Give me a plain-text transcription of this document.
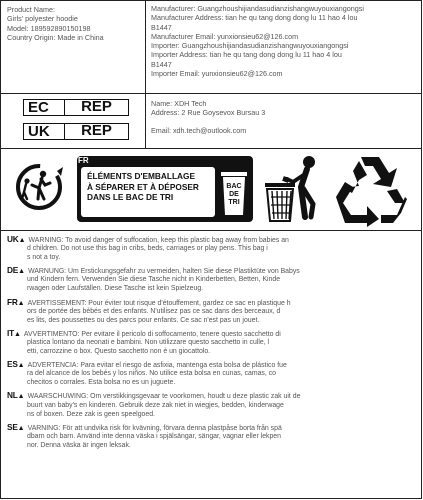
Product Name:
Girls' polyester hoodie
Model: 189592890150198
Country Origin: Made in China
Manufacturer: Guangzhoushijiandasudianzishangwuyouxiangongsi
Manufacturer Address: tian he qu tang dong dong lu 11 hao 4 lou
B1447
Manufacturer Email: yunxionsieu62@126.com
Importer: Guangzhoushijiandasudianzishangwuyouxiangongsi
Importer Address: tian he qu tang dong dong lu 11 hao 4 lou
B1447
Importer Email: yunxionsieu62@126.com
EC	REP
UK	REP
Name: XDH Tech
Address: 2 Rue Goysevox Bursau 3
Email: xdh.tech@outlook.com
FR
ÉLÉMENTS D'EMBALLAGE
À SÉPARER ET À DÉPOSER
DANS LE BAC DE TRI
BAC
DE
TRI
UK▲ WARNING: To avoid danger of suffocation, keep this plastic bag away from babies an
d children. Do not use this bag in cribs, beds, carriages or play pens. This bag i
s not a toy.
DE▲ WARNUNG: Um Erstickungsgefahr zu vermeiden, halten Sie diese Plastiktüte von Babys
und Kindern fern. Verwenden Sie diese Tasche nicht in Kinderbetten, Betten, Kinde
rwagen oder Laufställen. Diese Tasche ist kein Spielzeug.
FR▲ AVERTISSEMENT: Pour éviter tout risque d'étouffement, gardez ce sac en plastique h
ors de portée des bébés et des enfants. N'utilisez pas ce sac dans des berceaux, d
es lits, des poussettes ou des parcs pour enfants. Ce sac n'est pas un jouet.
IT▲ AVVERTIMENTO: Per evitare il pericolo di soffocamento, tenere questo sacchetto di
plastica lontano da neonati e bambini. Non utilizzare questo sacchetto in culle, l
etti, carrozzine o box. Questo sacchetto non è un giocattolo.
ES▲ ADVERTENCIA: Para evitar el riesgo de asfixia, mantenga esta bolsa de plástico fue
ra del alcance de los bebés y los niños. No utilice esta bolsa en cunas, camas, co
checitos o corrales. Esta bolsa no es un juguete.
NL▲ WAARSCHUWING: Om verstikkingsgevaar te voorkomen, houdt u deze plastic zak uit de
buurt van baby's en kinderen. Gebruik deze zak niet in wiegjes, bedden, kinderwage
ns of boxen. Deze zak is geen speelgoed.
SE▲ VARNING: För att undvika risk för kvävning, förvara denna plastpåse borta från spä
dbarn och barn. Använd inte denna väska i spjälsängar, sängar, vagnar eller lekpen
nor. Denna väska är ingen leksak.
